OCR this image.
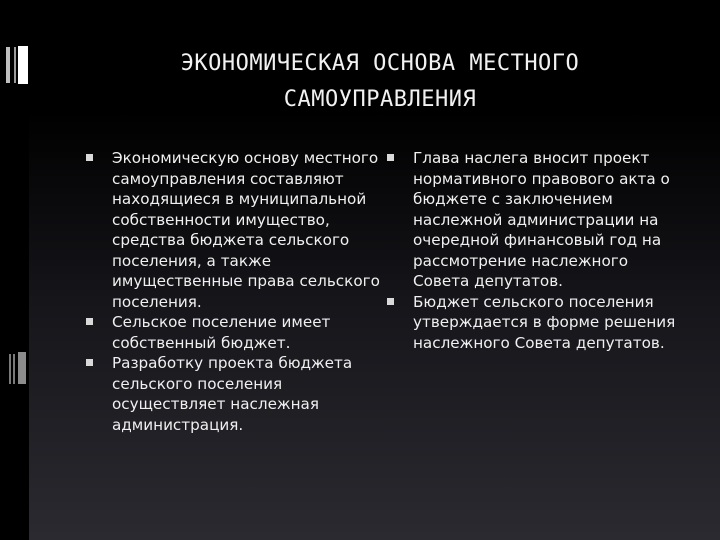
ЭКОНОМИЧЕСКАЯ ОСНОВА МЕСТНОГО САМОУПРАВЛЕНИЯ

Экономическую основу местного самоуправления составляют находящиеся в муниципальной собственности имущество, средства бюджета сельского поселения, а также имущественные права сельского поселения.

Сельское поселение имеет собственный бюджет.

Разработку проекта бюджета сельского поселения осуществляет наслежная администрация.

Глава наслега вносит проект нормативного правового акта о бюджете с заключением наслежной администрации на очередной финансовый год на рассмотрение наслежного Совета депутатов.

Бюджет сельского поселения утверждается в форме решения наслежного Совета депутатов.
